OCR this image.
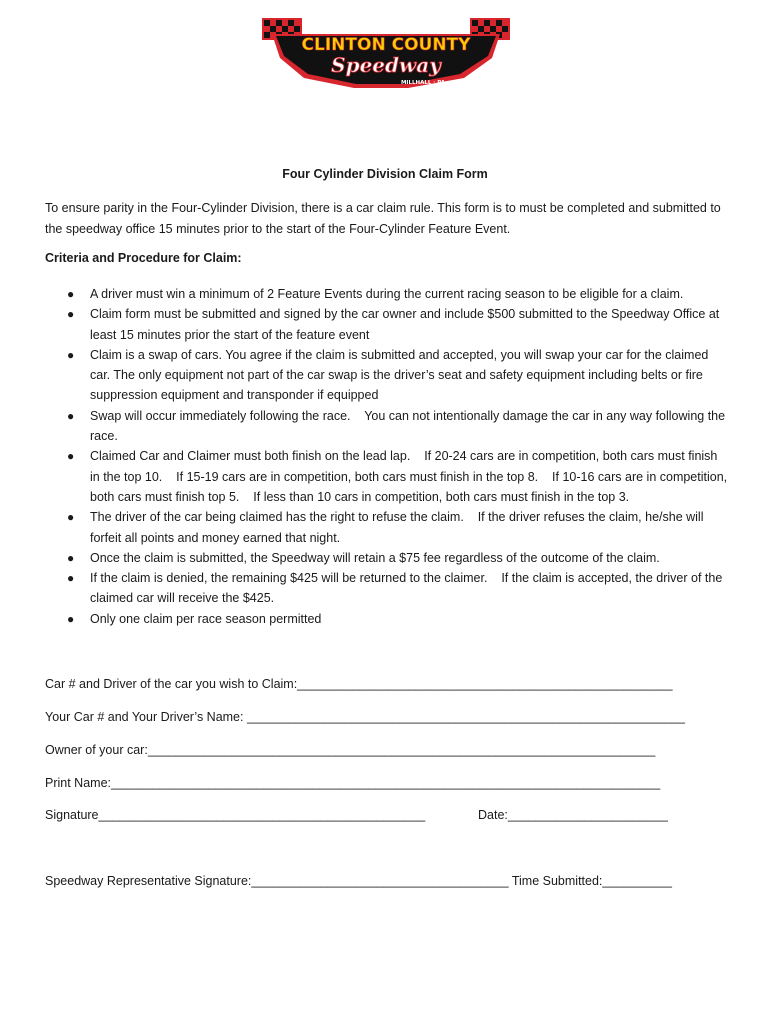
CLINTON COUNTY
Speedway
MILLHALL · PA
Four Cylinder Division Claim Form
To ensure parity in the Four-Cylinder Division, there is a car claim rule. This form is to must be completed and submitted to the speedway office 15 minutes prior to the start of the Four-Cylinder Feature Event.
Criteria and Procedure for Claim:
● A driver must win a minimum of 2 Feature Events during the current racing season to be eligible for a claim.
● Claim form must be submitted and signed by the car owner and include $500 submitted to the Speedway Office at least 15 minutes prior the start of the feature event
● Claim is a swap of cars. You agree if the claim is submitted and accepted, you will swap your car for the claimed car. The only equipment not part of the car swap is the driver’s seat and safety equipment including belts or fire suppression equipment and transponder if equipped
● Swap will occur immediately following the race.    You can not intentionally damage the car in any way following the race.
● Claimed Car and Claimer must both finish on the lead lap.    If 20-24 cars are in competition, both cars must finish in the top 10.    If 15-19 cars are in competition, both cars must finish in the top 8.    If 10-16 cars are in competition, both cars must finish top 5.    If less than 10 cars in competition, both cars must finish in the top 3.
● The driver of the car being claimed has the right to refuse the claim.    If the driver refuses the claim, he/she will forfeit all points and money earned that night.
● Once the claim is submitted, the Speedway will retain a $75 fee regardless of the outcome of the claim.
● If the claim is denied, the remaining $425 will be returned to the claimer.    If the claim is accepted, the driver of the claimed car will receive the $425.
● Only one claim per race season permitted
Car # and Driver of the car you wish to Claim:______________________________________________________
Your Car # and Your Driver’s Name: _______________________________________________________________
Owner of your car:_________________________________________________________________________
Print Name:_______________________________________________________________________________
Signature_______________________________________________	Date:_______________________
Speedway Representative Signature:_____________________________________ Time Submitted:__________
